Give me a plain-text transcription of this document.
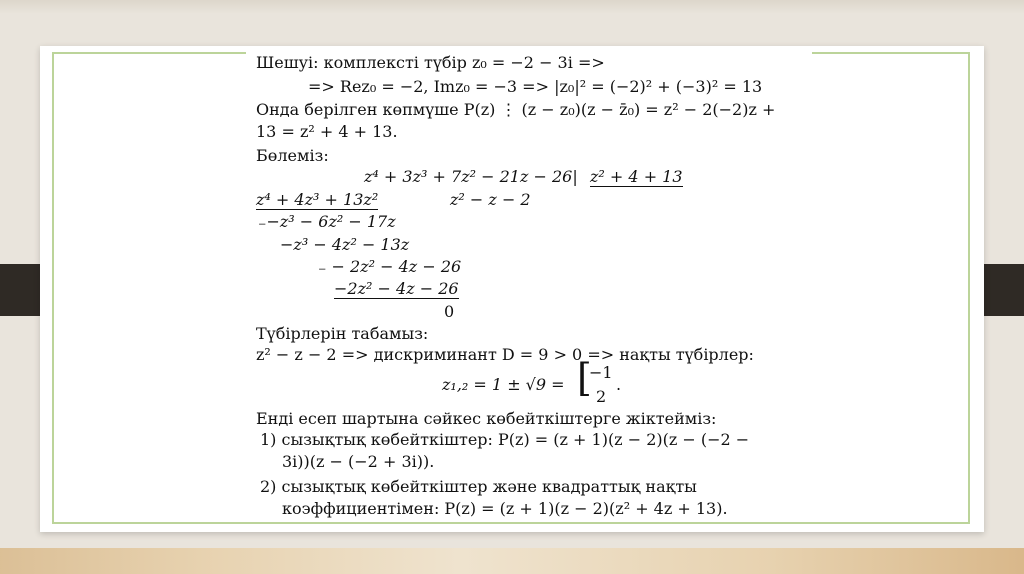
Шешуі: комплексті түбір z₀ = −2 − 3i =>
=> Rez₀ = −2, Imz₀ = −3 => |z₀|² = (−2)² + (−3)² = 13
Онда берілген көпмүше P(z) ⋮ (z − z₀)(z − z̄₀) = z² − 2(−2)z +
13 = z² + 4 + 13.
Бөлеміз:
z⁴ + 3z³ + 7z² − 21z − 26| z² + 4 + 13
z⁴ + 4z³ + 13z²	z² − z − 2
₋−z³ − 6z² − 17z
−z³ − 4z² − 13z
₋ − 2z² − 4z − 26
−2z² − 4z − 26
0
Түбірлерін табамыз:
z² − z − 2 => дискриминант D = 9 > 0 => нақты түбірлер:
z₁,₂ = 1 ± √9 = [
−1
2
.
Енді есеп шартына сәйкес көбейткіштерге жіктейміз:
1) сызықтық көбейткіштер: P(z) = (z + 1)(z − 2)(z − (−2 −
3i))(z − (−2 + 3i)).
2) сызықтық көбейткіштер және квадраттық нақты
коэффициентімен: P(z) = (z + 1)(z − 2)(z² + 4z + 13).
